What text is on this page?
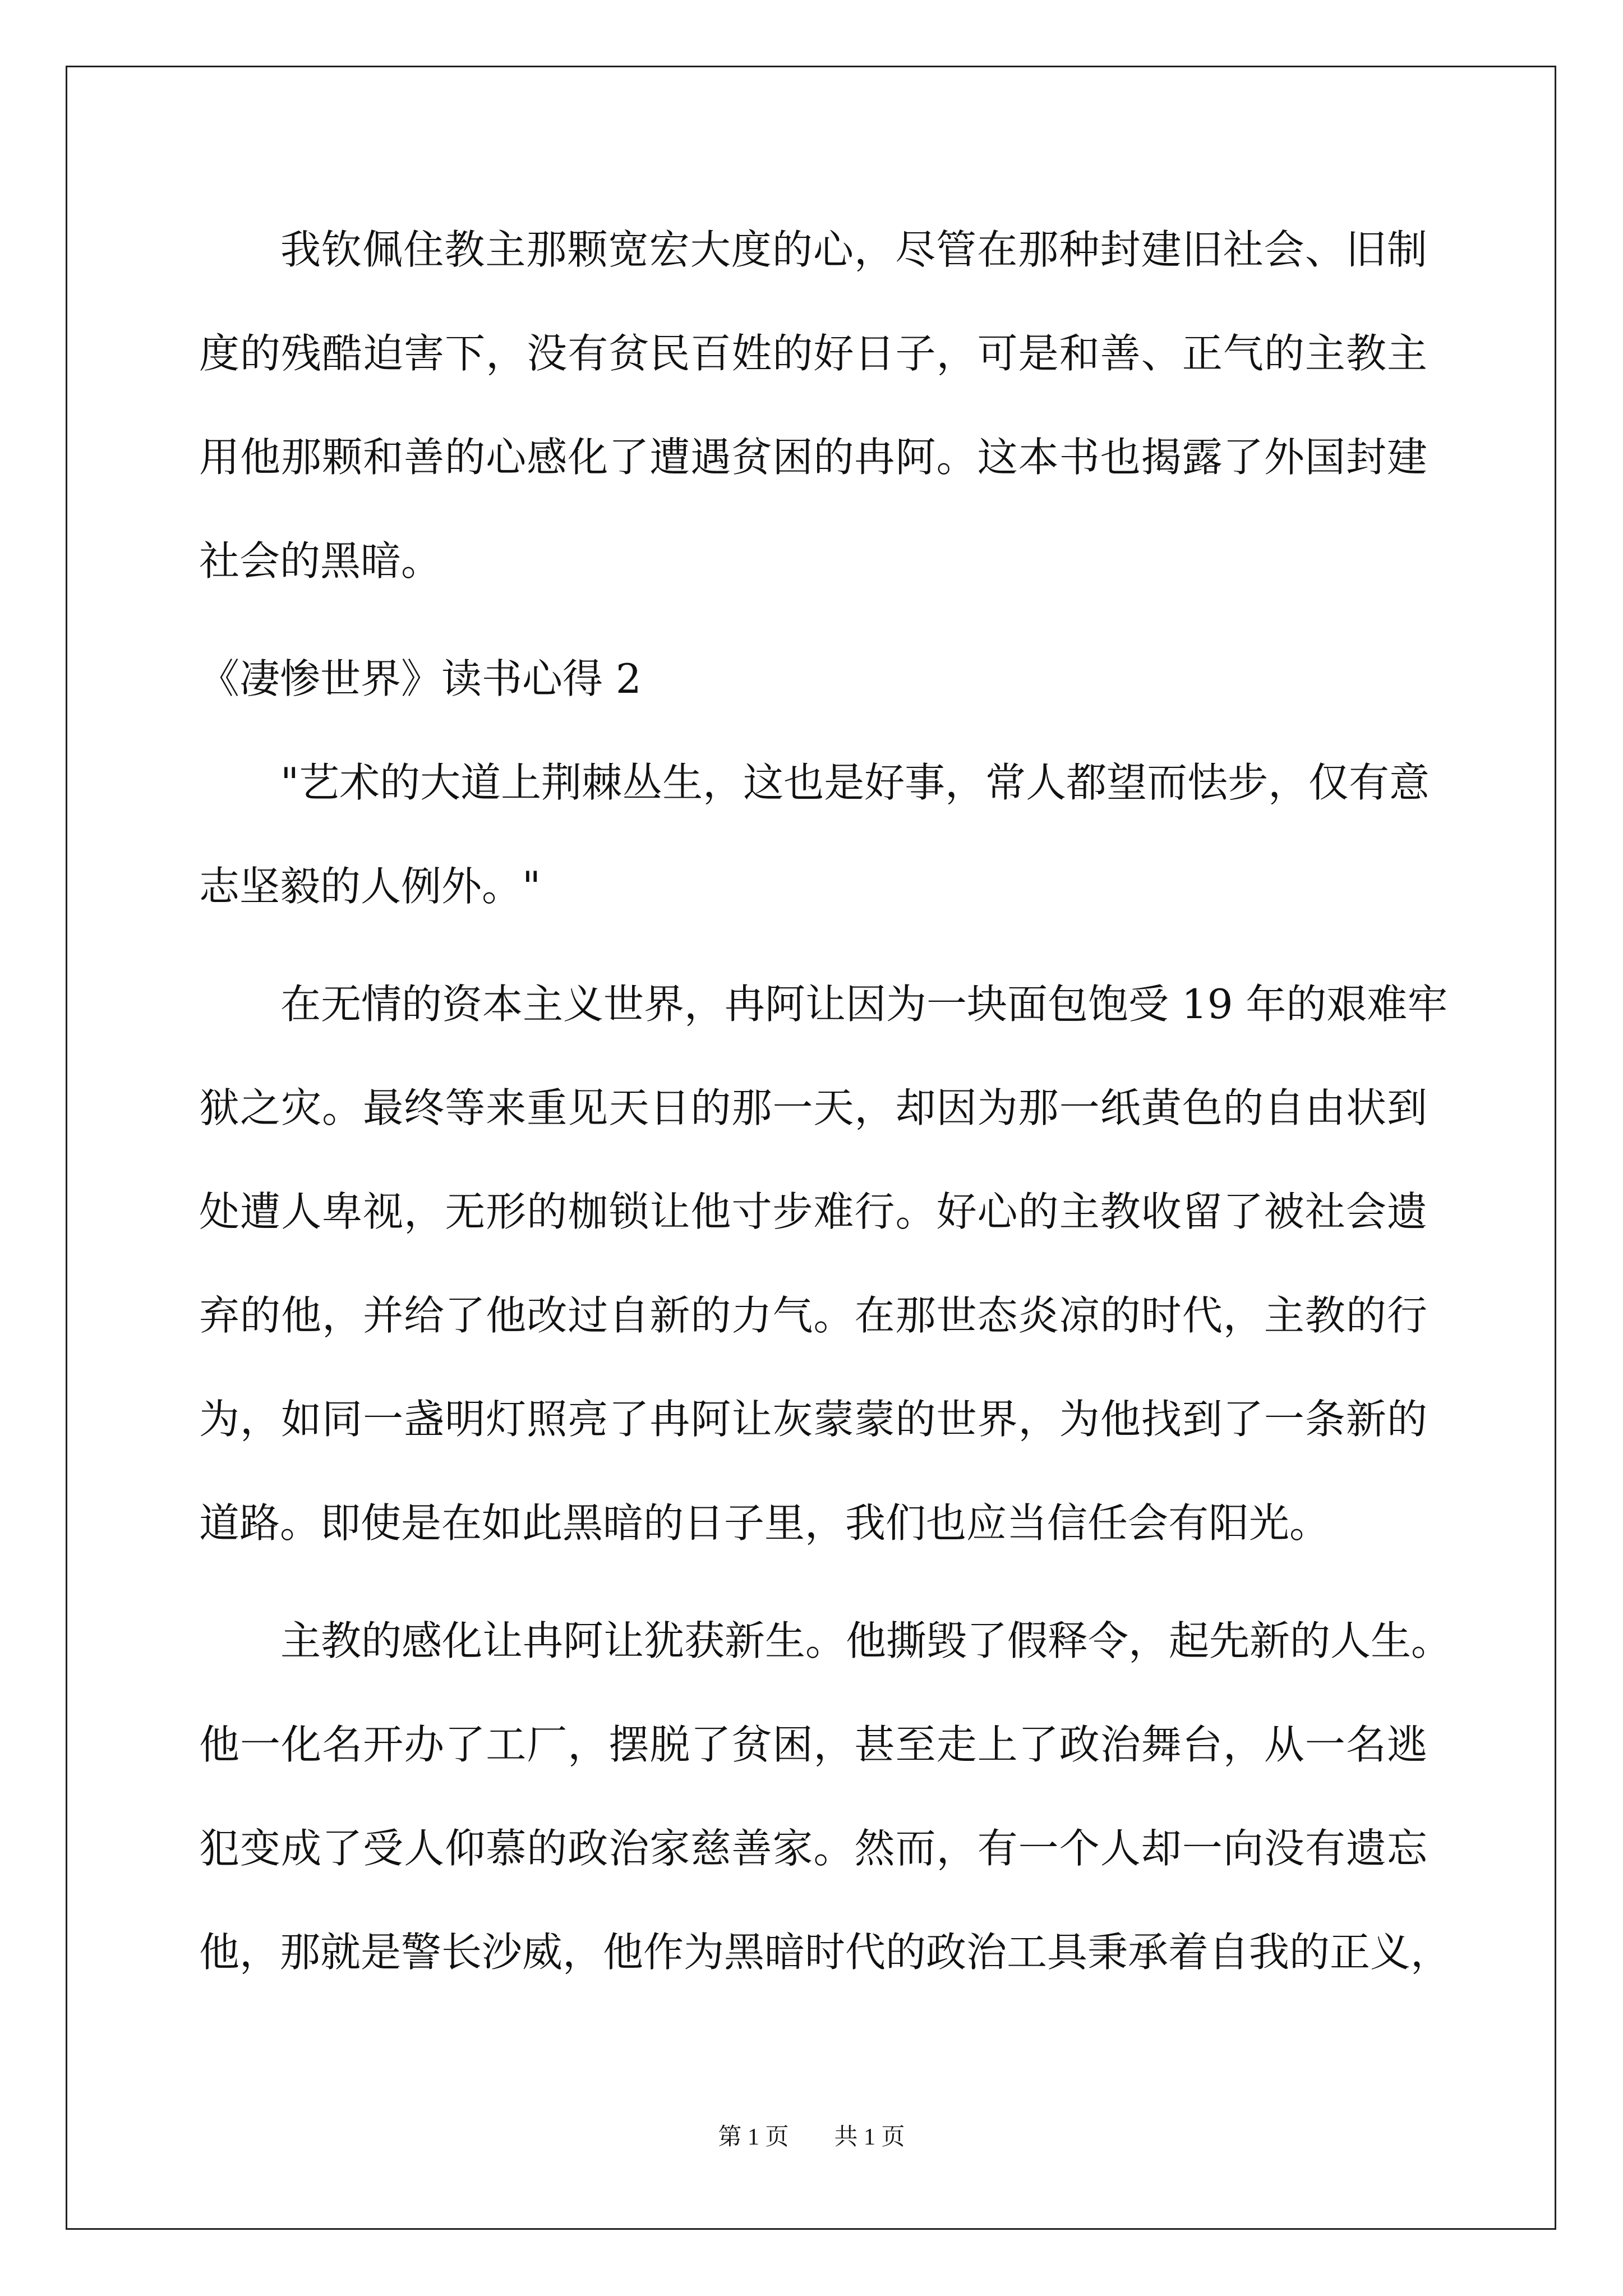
我钦佩住教主那颗宽宏大度的心，尽管在那种封建旧社会、旧制
度的残酷迫害下，没有贫民百姓的好日子，可是和善、正气的主教主
用他那颗和善的心感化了遭遇贫困的冉阿。这本书也揭露了外国封建
社会的黑暗。
《凄惨世界》读书心得 2
"艺术的大道上荆棘丛生，这也是好事，常人都望而怯步，仅有意
志坚毅的人例外。"
在无情的资本主义世界，冉阿让因为一块面包饱受 19 年的艰难牢
狱之灾。最终等来重见天日的那一天，却因为那一纸黄色的自由状到
处遭人卑视，无形的枷锁让他寸步难行。好心的主教收留了被社会遗
弃的他，并给了他改过自新的力气。在那世态炎凉的时代，主教的行
为，如同一盏明灯照亮了冉阿让灰蒙蒙的世界，为他找到了一条新的
道路。即使是在如此黑暗的日子里，我们也应当信任会有阳光。
主教的感化让冉阿让犹获新生。他撕毁了假释令，起先新的人生。
他一化名开办了工厂，摆脱了贫困，甚至走上了政治舞台，从一名逃
犯变成了受人仰慕的政治家慈善家。然而，有一个人却一向没有遗忘
他，那就是警长沙威，他作为黑暗时代的政治工具秉承着自我的正义，
第 1 页 共 1 页
